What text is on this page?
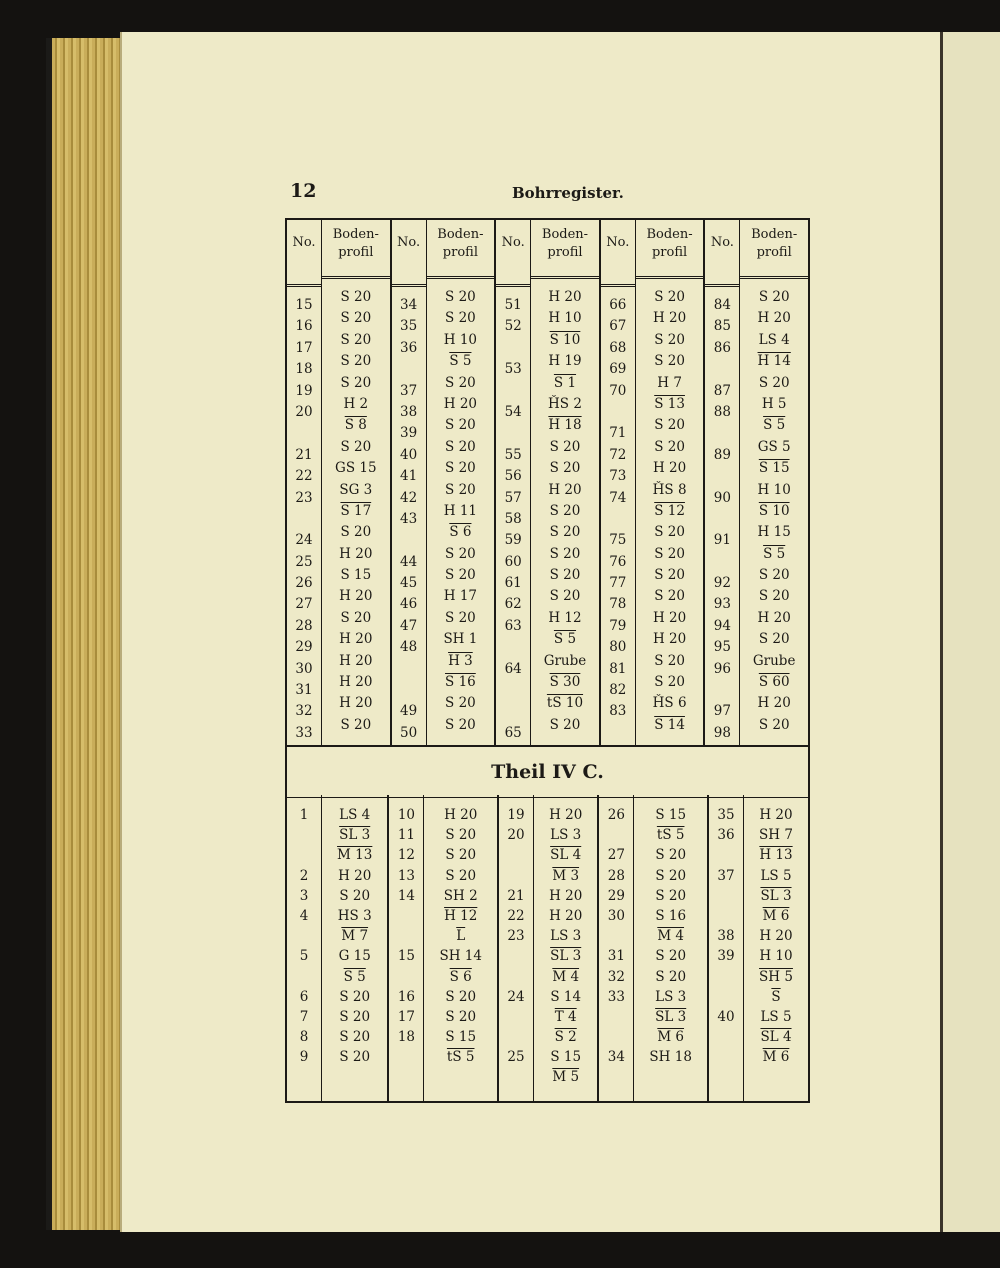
12	Bohrregister.
No.
15
16
17
18
19
20
21
22
23
24
25
26
27
28
29
30
31
32
33
Boden-
profil
S 20
S 20
S 20
S 20
S 20
H 2
S 8
S 20
GS 15
SG 3
S 17
S 20
H 20
S 15
H 20
S 20
H 20
H 20
H 20
H 20
S 20
No.
34
35
36
37
38
39
40
41
42
43
44
45
46
47
48
49
50
Boden-
profil
S 20
S 20
H 10
S 5
S 20
H 20
S 20
S 20
S 20
S 20
H 11
S 6
S 20
S 20
H 17
S 20
SH 1
H 3
S 16
S 20
S 20
No.
51
52
53
54
55
56
57
58
59
60
61
62
63
64
65
Boden-
profil
H 20
H 10
S 10
H 19
S 1
ȞS 2
H 18
S 20
S 20
H 20
S 20
S 20
S 20
S 20
S 20
H 12
S 5
Grube
S 30
tS 10
S 20
No.
66
67
68
69
70
71
72
73
74
75
76
77
78
79
80
81
82
83
Boden-
profil
S 20
H 20
S 20
S 20
H 7
S 13
S 20
S 20
H 20
ȞS 8
S 12
S 20
S 20
S 20
S 20
H 20
H 20
S 20
S 20
ȞS 6
S 14
No.
84
85
86
87
88
89
90
91
92
93
94
95
96
97
98
Boden-
profil
S 20
H 20
LS 4
H 14
S 20
H 5
S 5
GS 5
S 15
H 10
S 10
H 15
S 5
S 20
S 20
H 20
S 20
Grube
S 60
H 20
S 20
Theil IV C.
1
2
3
4
5
6
7
8
9
LS 4
SL 3
M 13
H 20
S 20
HS 3
M 7
G 15
S 5
S 20
S 20
S 20
S 20
10
11
12
13
14
15
16
17
18
H 20
S 20
S 20
S 20
SH 2
H 12
$\overline{L}$
SH 14
S 6
S 20
S 20
S 15
tS 5
19
20
21
22
23
24
25
H 20
LS 3
SL 4
M 3
H 20
H 20
LS 3
SL 3
M 4
S 14
T 4
S 2
S 15
M 5
26
27
28
29
30
31
32
33
34
S 15
tS 5
S 20
S 20
S 20
S 16
M 4
S 20
S 20
LS 3
SL 3
M 6
SH 18
35
36
37
38
39
40
H 20
SH 7
H 13
LS 5
SL 3
M 6
H 20
H 10
SH 5
$\overline{S}$
LS 5
SL 4
M 6
